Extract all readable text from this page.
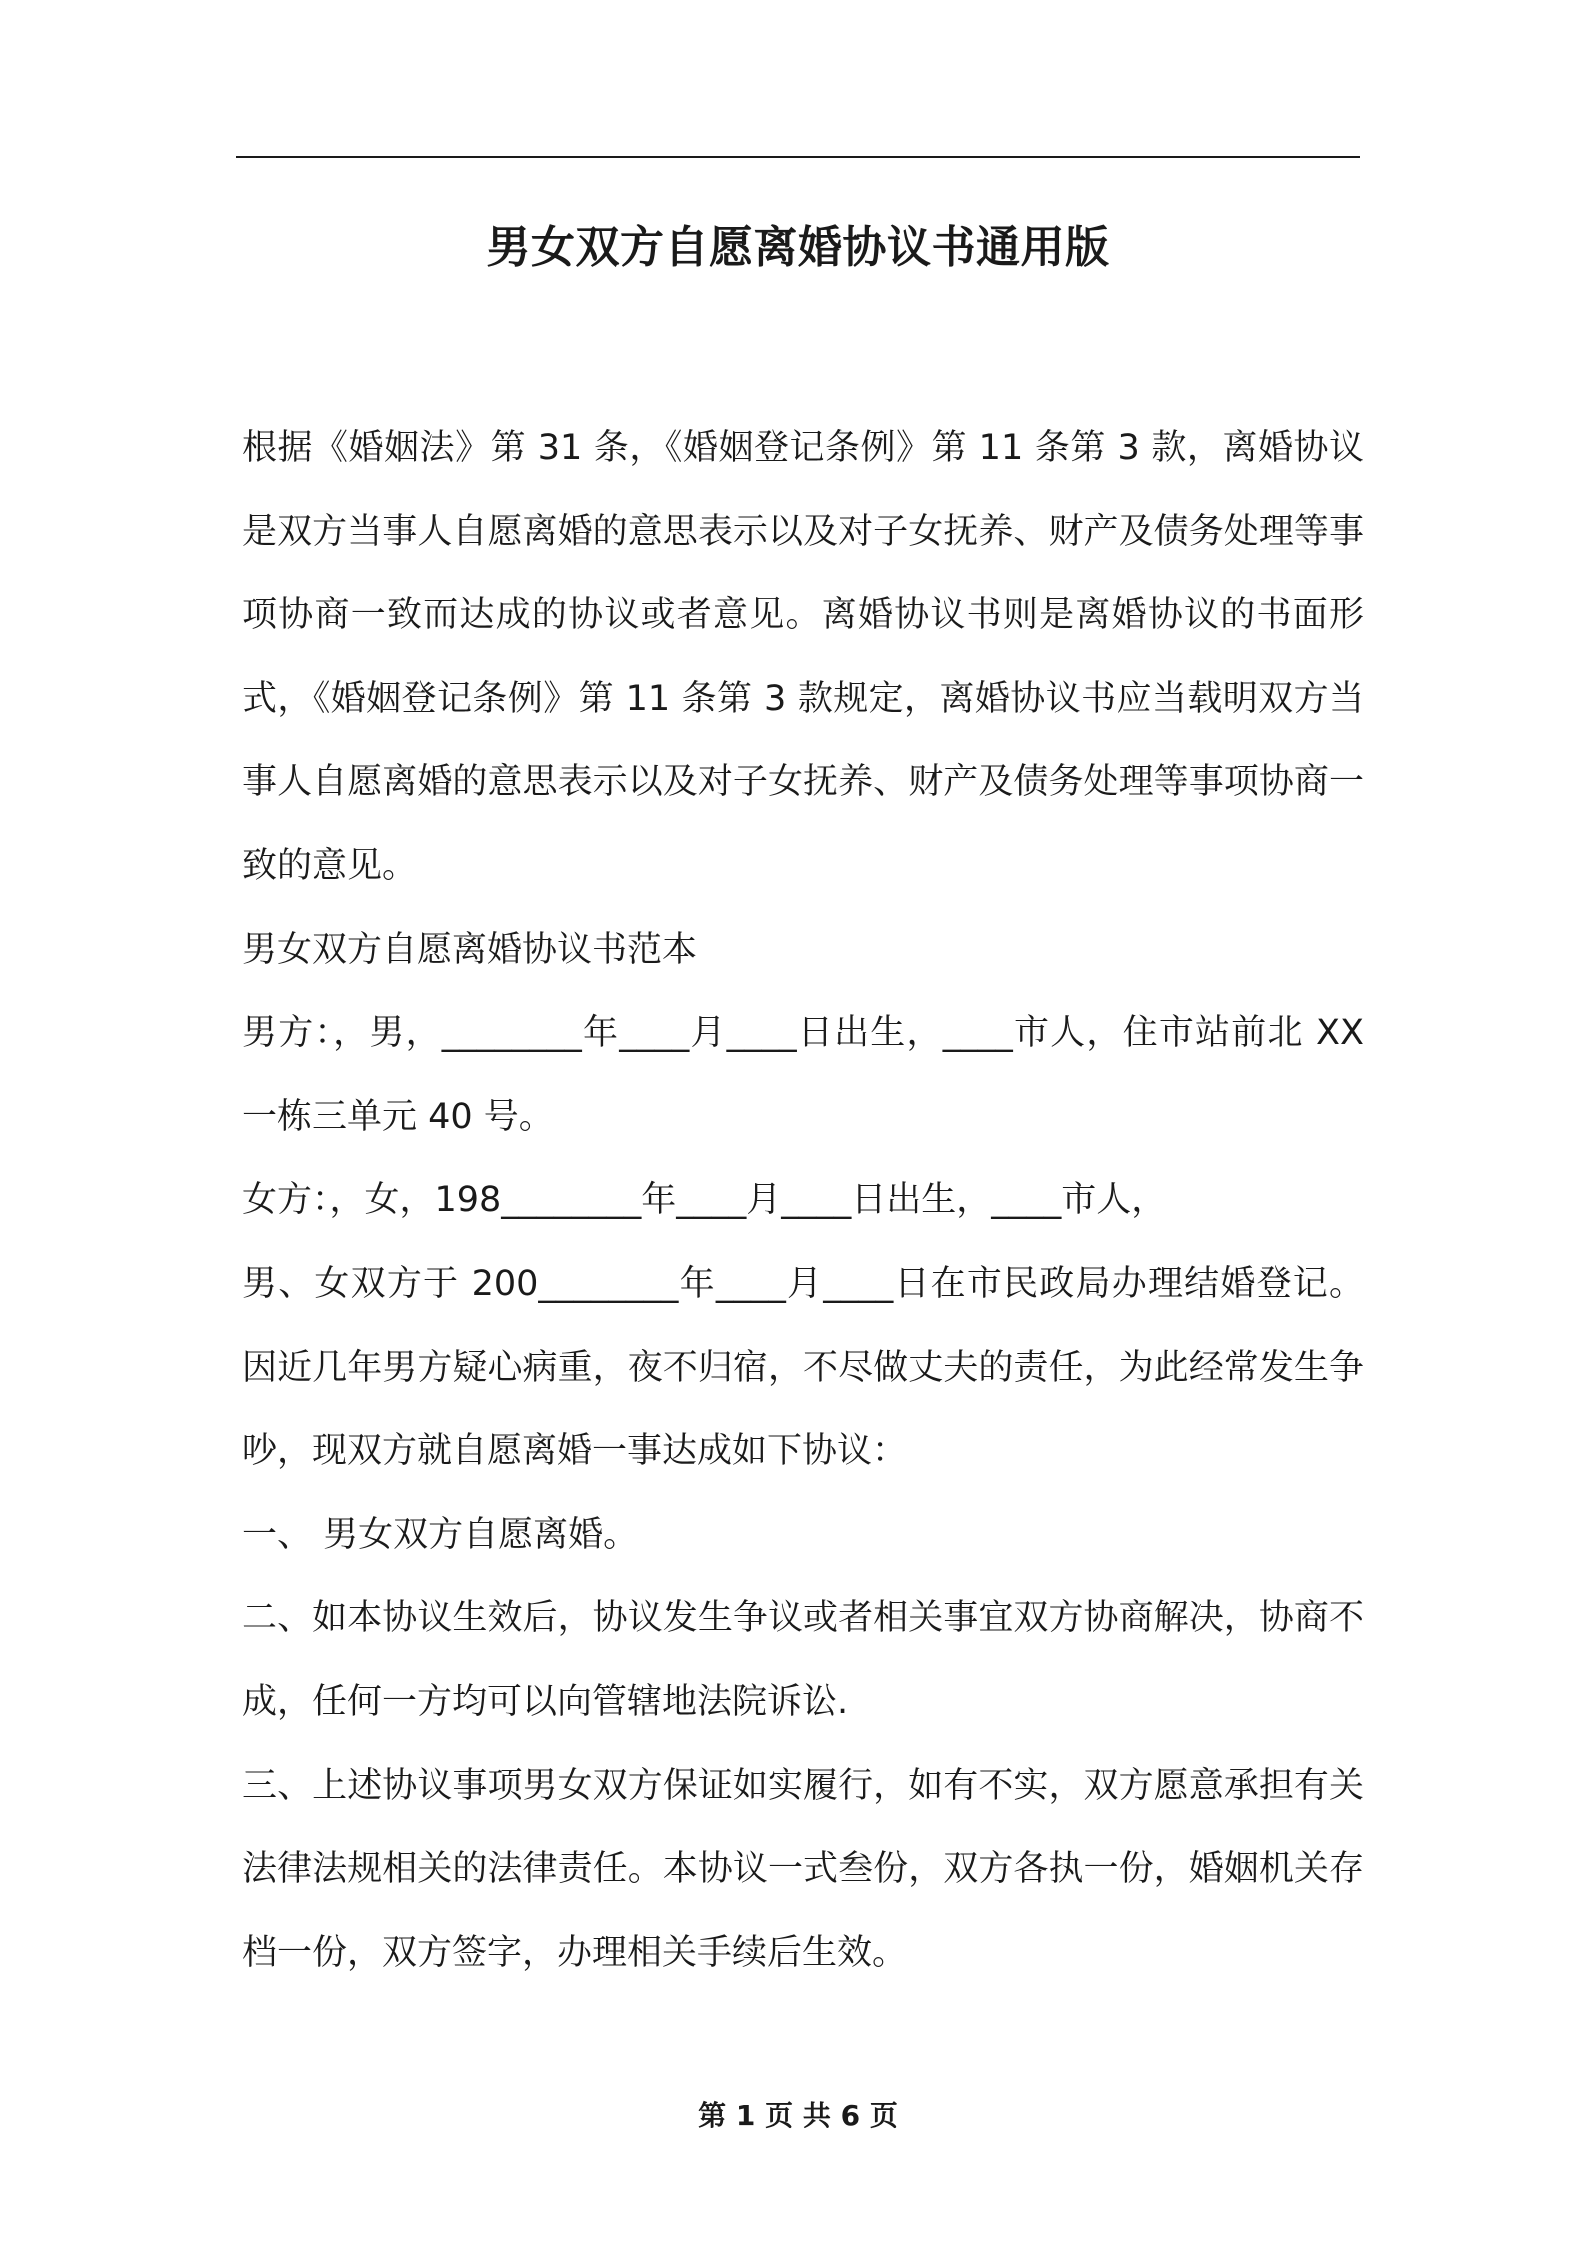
男女双方自愿离婚协议书通用版

根据《婚姻法》第 31 条，《婚姻登记条例》第 11 条第 3 款，离婚协议是双方当事人自愿离婚的意思表示以及对子女抚养、财产及债务处理等事项协商一致而达成的协议或者意见。离婚协议书则是离婚协议的书面形式，《婚姻登记条例》第 11 条第 3 款规定，离婚协议书应当载明双方当事人自愿离婚的意思表示以及对子女抚养、财产及债务处理等事项协商一致的意见。

男女双方自愿离婚协议书范本

男方：，男，________年____月____日出生，____市人，住市站前北 XX 一栋三单元 40 号。

女方：，女，198________年____月____日出生，____市人，

男、女双方于 200________年____月____日在市民政局办理结婚登记。因近几年男方疑心病重，夜不归宿，不尽做丈夫的责任，为此经常发生争吵，现双方就自愿离婚一事达成如下协议：

一、 男女双方自愿离婚。

二、如本协议生效后，协议发生争议或者相关事宜双方协商解决，协商不成，任何一方均可以向管辖地法院诉讼.

三、上述协议事项男女双方保证如实履行，如有不实，双方愿意承担有关法律法规相关的法律责任。本协议一式叁份，双方各执一份，婚姻机关存档一份，双方签字，办理相关手续后生效。

第 1 页 共 6 页
